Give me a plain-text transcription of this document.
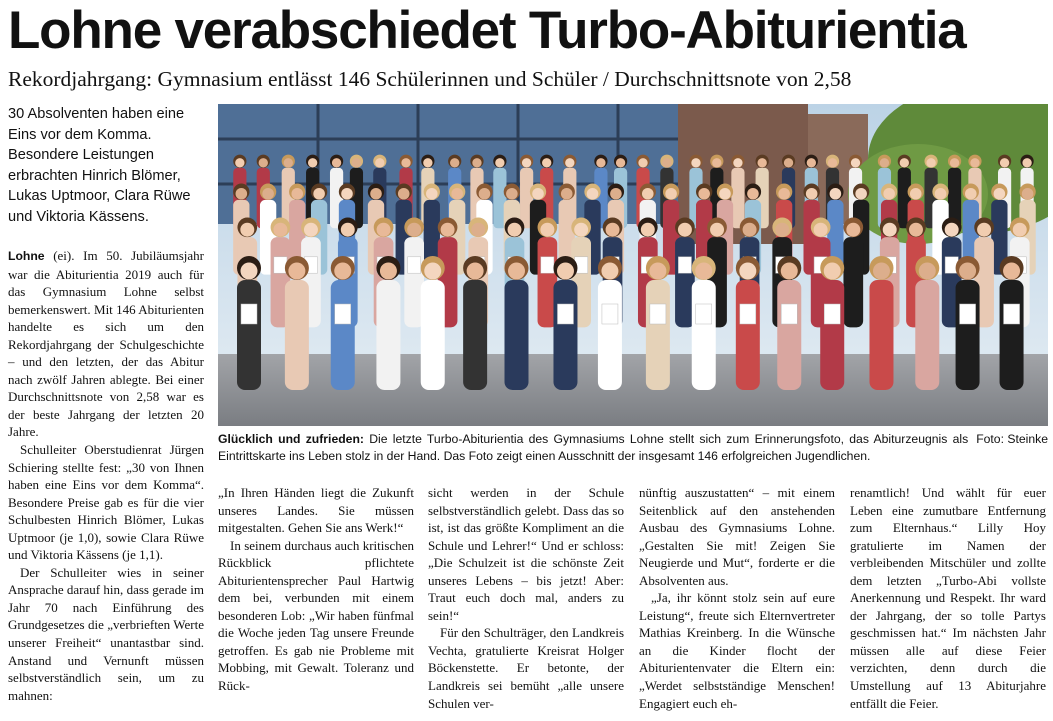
Lohne verabschiedet Turbo-Abiturientia
Rekordjahrgang: Gymnasium entlässt 146 Schülerinnen und Schüler / Durchschnittsnote von 2,58

30 Absolventen haben eine Eins vor dem Komma. Besondere Leistungen erbrachten Hinrich Blömer, Lukas Uptmoor, Clara Rüwe und Viktoria Kässens.

Lohne (ei). Im 50. Jubiläumsjahr war die Abiturientia 2019 auch für das Gymnasium Lohne selbst bemerkenswert. Mit 146 Abiturienten handelte es sich um den Rekordjahrgang der Schulgeschichte – und den letzten, der das Abitur nach zwölf Jahren ablegte. Bei einer Durchschnittsnote von 2,58 war es der beste Jahrgang der letzten 20 Jahre.

Schulleiter Oberstudienrat Jürgen Schiering stellte fest: „30 von Ihnen haben eine Eins vor dem Komma“. Besondere Preise gab es für die vier Schulbesten Hinrich Blömer, Lukas Uptmoor (je 1,0), sowie Clara Rüwe und Viktoria Kässens (je 1,1).

Der Schulleiter wies in seiner Ansprache darauf hin, dass gerade im Jahr 70 nach Einführung des Grundgesetzes die „verbrieften Werte unserer Freiheit“ unantastbar sind. Anstand und Vernunft müssen selbstverständlich sein, um zu mahnen:

Foto: Steinke
Glücklich und zufrieden: Die letzte Turbo-Abiturientia des Gymnasiums Lohne stellt sich zum Erinnerungsfoto, das Abiturzeugnis als Eintrittskarte ins Leben stolz in der Hand. Das Foto zeigt einen Ausschnitt der insgesamt 146 erfolgreichen Jugendlichen.

„In Ihren Händen liegt die Zukunft unseres Landes. Sie müssen mitgestalten. Gehen Sie ans Werk!“

In seinem durchaus auch kritischen Rückblick pflichtete Abiturientensprecher Paul Hartwig dem bei, verbunden mit einem besonderen Lob: „Wir haben fünfmal die Woche jeden Tag unsere Freunde getroffen. Es gab nie Probleme mit Mobbing, mit Gewalt. Toleranz und Rück-

sicht werden in der Schule selbstverständlich gelebt. Dass das so ist, ist das größte Kompliment an die Schule und Lehrer!“ Und er schloss: „Die Schulzeit ist die schönste Zeit unseres Lebens – bis jetzt! Aber: Traut euch doch mal, anders zu sein!“

Für den Schulträger, den Landkreis Vechta, gratulierte Kreisrat Holger Böckenstette. Er betonte, der Landkreis sei bemüht „alle unsere Schulen ver-

nünftig auszustatten“ – mit einem Seitenblick auf den anstehenden Ausbau des Gymnasiums Lohne. „Gestalten Sie mit! Zeigen Sie Neugierde und Mut“, forderte er die Absolventen aus.

„Ja, ihr könnt stolz sein auf eure Leistung“, freute sich Elternvertreter Mathias Kreinberg. In die Wünsche an die Kinder flocht der Abiturientenvater die Eltern ein: „Werdet selbstständige Menschen! Engagiert euch eh-

renamtlich! Und wählt für euer Leben eine zumutbare Entfernung zum Elternhaus.“ Lilly Hoy gratulierte im Namen der verbleibenden Mitschüler und zollte dem letzten „Turbo-Abi vollste Anerkennung und Respekt. Ihr ward der Jahrgang, der so tolle Partys geschmissen hat.“ Im nächsten Jahr müssen alle auf diese Feier verzichten, denn durch die Umstellung auf 13 Abiturjahre entfällt die Feier.
